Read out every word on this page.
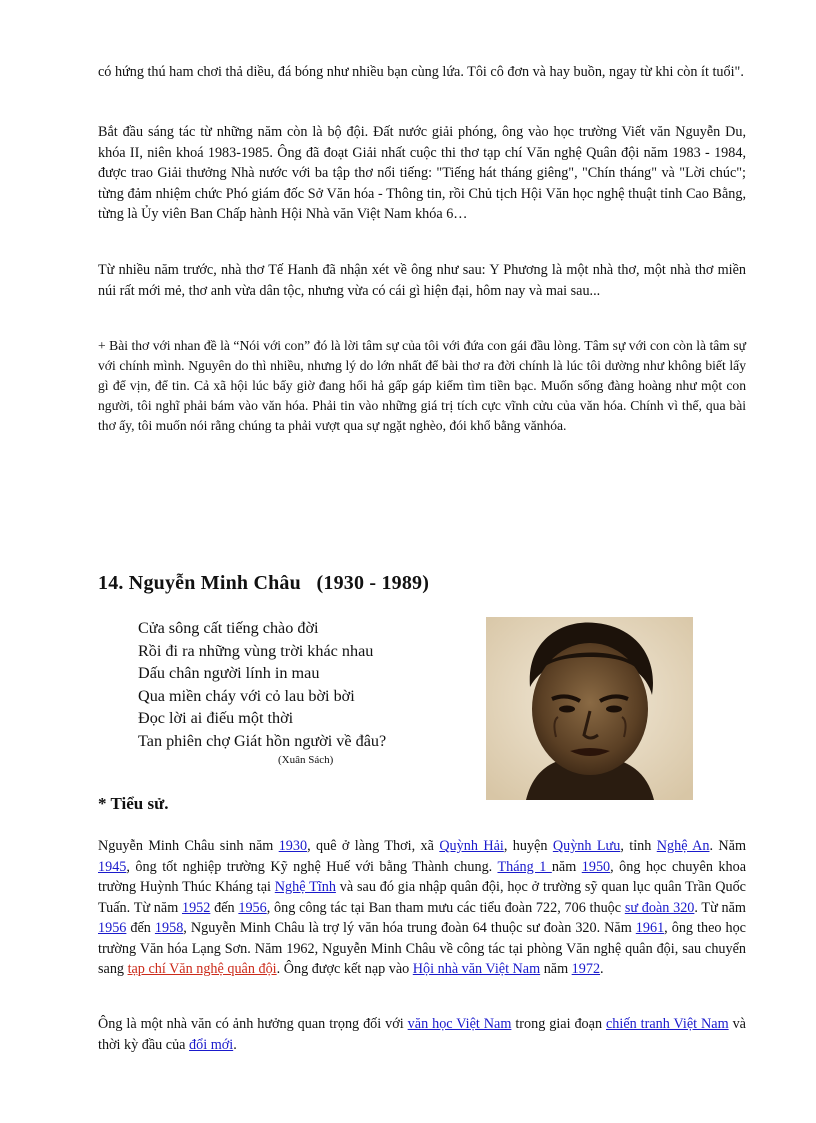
có hứng thú ham chơi thả diều, đá bóng như nhiều bạn cùng lứa. Tôi cô đơn và hay buồn, ngay từ khi còn ít tuổi".

Bắt đầu sáng tác từ những năm còn là bộ đội. Đất nước giải phóng, ông vào học trường Viết văn Nguyễn Du, khóa II, niên khoá 1983-1985. Ông đã đoạt Giải nhất cuộc thi thơ tạp chí Văn nghệ Quân đội năm 1983 - 1984, được trao Giải thưởng Nhà nước với ba tập thơ nổi tiếng: "Tiếng hát tháng giêng", "Chín tháng" và "Lời chúc"; từng đảm nhiệm chức Phó giám đốc Sở Văn hóa - Thông tin, rồi Chủ tịch Hội Văn học nghệ thuật tỉnh Cao Bằng, từng là Ủy viên Ban Chấp hành Hội Nhà văn Việt Nam khóa 6…

Từ nhiều năm trước, nhà thơ Tế Hanh đã nhận xét về ông như sau: Y Phương là một nhà thơ, một nhà thơ miền núi rất mới mẻ, thơ anh vừa dân tộc, nhưng vừa có cái gì hiện đại, hôm nay và mai sau...

+ Bài thơ với nhan đề là “Nói với con” đó là lời tâm sự của tôi với đứa con gái đầu lòng. Tâm sự với con còn là tâm sự với chính mình. Nguyên do thì nhiều, nhưng lý do lớn nhất để bài thơ ra đời chính là lúc tôi dường như không biết lấy gì để vịn, để tin. Cả xã hội lúc bấy giờ đang hối hả gấp gáp kiếm tìm tiền bạc. Muốn sống đàng hoàng như một con người, tôi nghĩ phải bám vào văn hóa. Phải tin vào những giá trị tích cực vĩnh cửu của văn hóa. Chính vì thế, qua bài thơ ấy, tôi muốn nói rằng chúng ta phải vượt qua sự ngặt nghèo, đói khổ bằng vănhóa.

14. Nguyễn Minh Châu   (1930 - 1989)
Cửa sông cất tiếng chào đời
Rồi đi ra những vùng trời khác nhau
Dấu chân người lính in mau
Qua miền cháy với cỏ lau bời bời
Đọc lời ai điếu một thời
Tan phiên chợ Giát hồn người về đâu?
(Xuân Sách)
* Tiểu sử.

Nguyễn Minh Châu sinh năm 1930, quê ở làng Thơi, xã Quỳnh Hải, huyện Quỳnh Lưu, tỉnh Nghệ An. Năm 1945, ông tốt nghiệp trường Kỹ nghệ Huế với bằng Thành chung. Tháng 1 năm 1950, ông học chuyên khoa trường Huỳnh Thúc Kháng tại Nghệ Tĩnh và sau đó gia nhập quân đội, học ở trường sỹ quan lục quân Trần Quốc Tuấn. Từ năm 1952 đến 1956, ông công tác tại Ban tham mưu các tiểu đoàn 722, 706 thuộc sư đoàn 320. Từ năm 1956 đến 1958, Nguyễn Minh Châu là trợ lý văn hóa trung đoàn 64 thuộc sư đoàn 320. Năm 1961, ông theo học trường Văn hóa Lạng Sơn. Năm 1962, Nguyễn Minh Châu về công tác tại phòng Văn nghệ quân đội, sau chuyển sang tạp chí Văn nghệ quân đội. Ông được kết nạp vào Hội nhà văn Việt Nam năm 1972.

Ông là một nhà văn có ảnh hưởng quan trọng đối với văn học Việt Nam trong giai đoạn chiến tranh Việt Nam và thời kỳ đầu của đổi mới.
